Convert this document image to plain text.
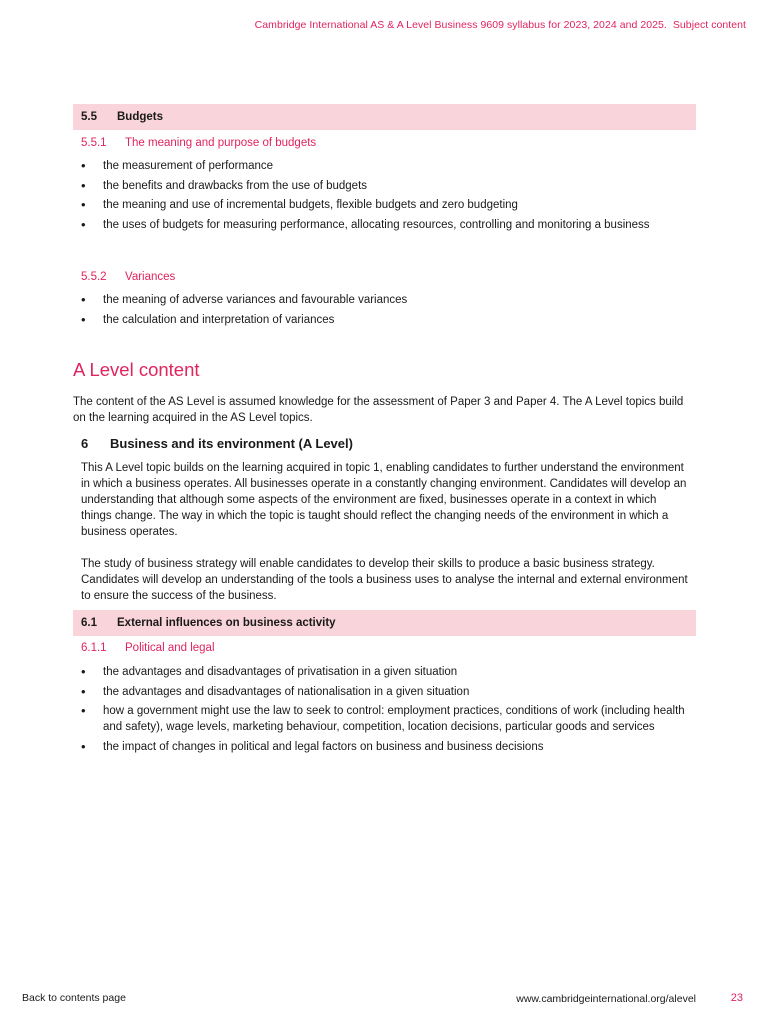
Cambridge International AS & A Level Business 9609 syllabus for 2023, 2024 and 2025. Subject content
5.5	Budgets
5.5.1	The meaning and purpose of budgets
• the measurement of performance
• the benefits and drawbacks from the use of budgets
• the meaning and use of incremental budgets, flexible budgets and zero budgeting
• the uses of budgets for measuring performance, allocating resources, controlling and monitoring a business
5.5.2	Variances
• the meaning of adverse variances and favourable variances
• the calculation and interpretation of variances
A Level content

The content of the AS Level is assumed knowledge for the assessment of Paper 3 and Paper 4. The A Level topics build on the learning acquired in the AS Level topics.

6	Business and its environment (A Level)

This A Level topic builds on the learning acquired in topic 1, enabling candidates to further understand the environment in which a business operates. All businesses operate in a constantly changing environment. Candidates will develop an understanding that although some aspects of the environment are fixed, businesses operate in a context in which things change. The way in which the topic is taught should reflect the changing needs of the environment in which a business operates.

The study of business strategy will enable candidates to develop their skills to produce a basic business strategy. Candidates will develop an understanding of the tools a business uses to analyse the internal and external environment to ensure the success of the business.

6.1	External influences on business activity
6.1.1	Political and legal
• the advantages and disadvantages of privatisation in a given situation
• the advantages and disadvantages of nationalisation in a given situation
• how a government might use the law to seek to control: employment practices, conditions of work (including health and safety), wage levels, marketing behaviour, competition, location decisions, particular goods and services
• the impact of changes in political and legal factors on business and business decisions
Back to contents page	www.cambridgeinternational.org/alevel	23
